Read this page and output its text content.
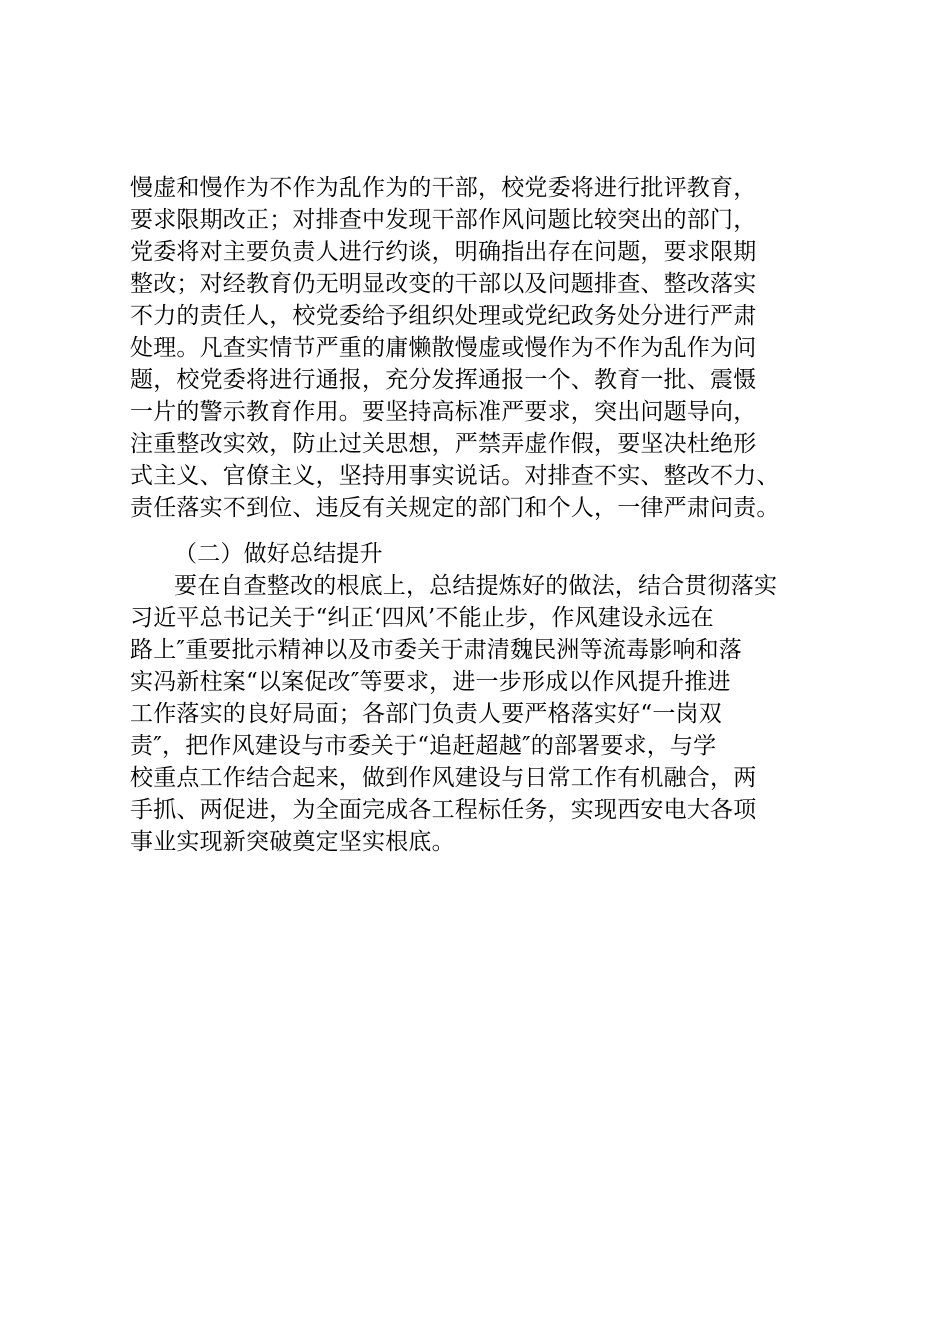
慢虚和慢作为不作为乱作为的干部，校党委将进行批评教育，
要求限期改正；对排查中发现干部作风问题比较突出的部门，
党委将对主要负责人进行约谈，明确指出存在问题，要求限期
整改；对经教育仍无明显改变的干部以及问题排查、整改落实
不力的责任人，校党委给予组织处理或党纪政务处分进行严肃
处理。凡查实情节严重的庸懒散慢虚或慢作为不作为乱作为问
题，校党委将进行通报，充分发挥通报一个、教育一批、震慑
一片的警示教育作用。要坚持高标准严要求，突出问题导向，
注重整改实效，防止过关思想，严禁弄虚作假，要坚决杜绝形
式主义、官僚主义，坚持用事实说话。对排查不实、整改不力、
责任落实不到位、违反有关规定的部门和个人，一律严肃问责。
（二）做好总结提升
要在自查整改的根底上，总结提炼好的做法，结合贯彻落实
习近平总书记关于“纠正‘四风’不能止步，作风建设永远在
路上″重要批示精神以及市委关于肃清魏民洲等流毒影响和落
实冯新柱案“以案促改″等要求，进一步形成以作风提升推进
工作落实的良好局面；各部门负责人要严格落实好“一岗双
责″，把作风建设与市委关于“追赶超越″的部署要求，与学
校重点工作结合起来，做到作风建设与日常工作有机融合，两
手抓、两促进，为全面完成各工程标任务，实现西安电大各项
事业实现新突破奠定坚实根底。
